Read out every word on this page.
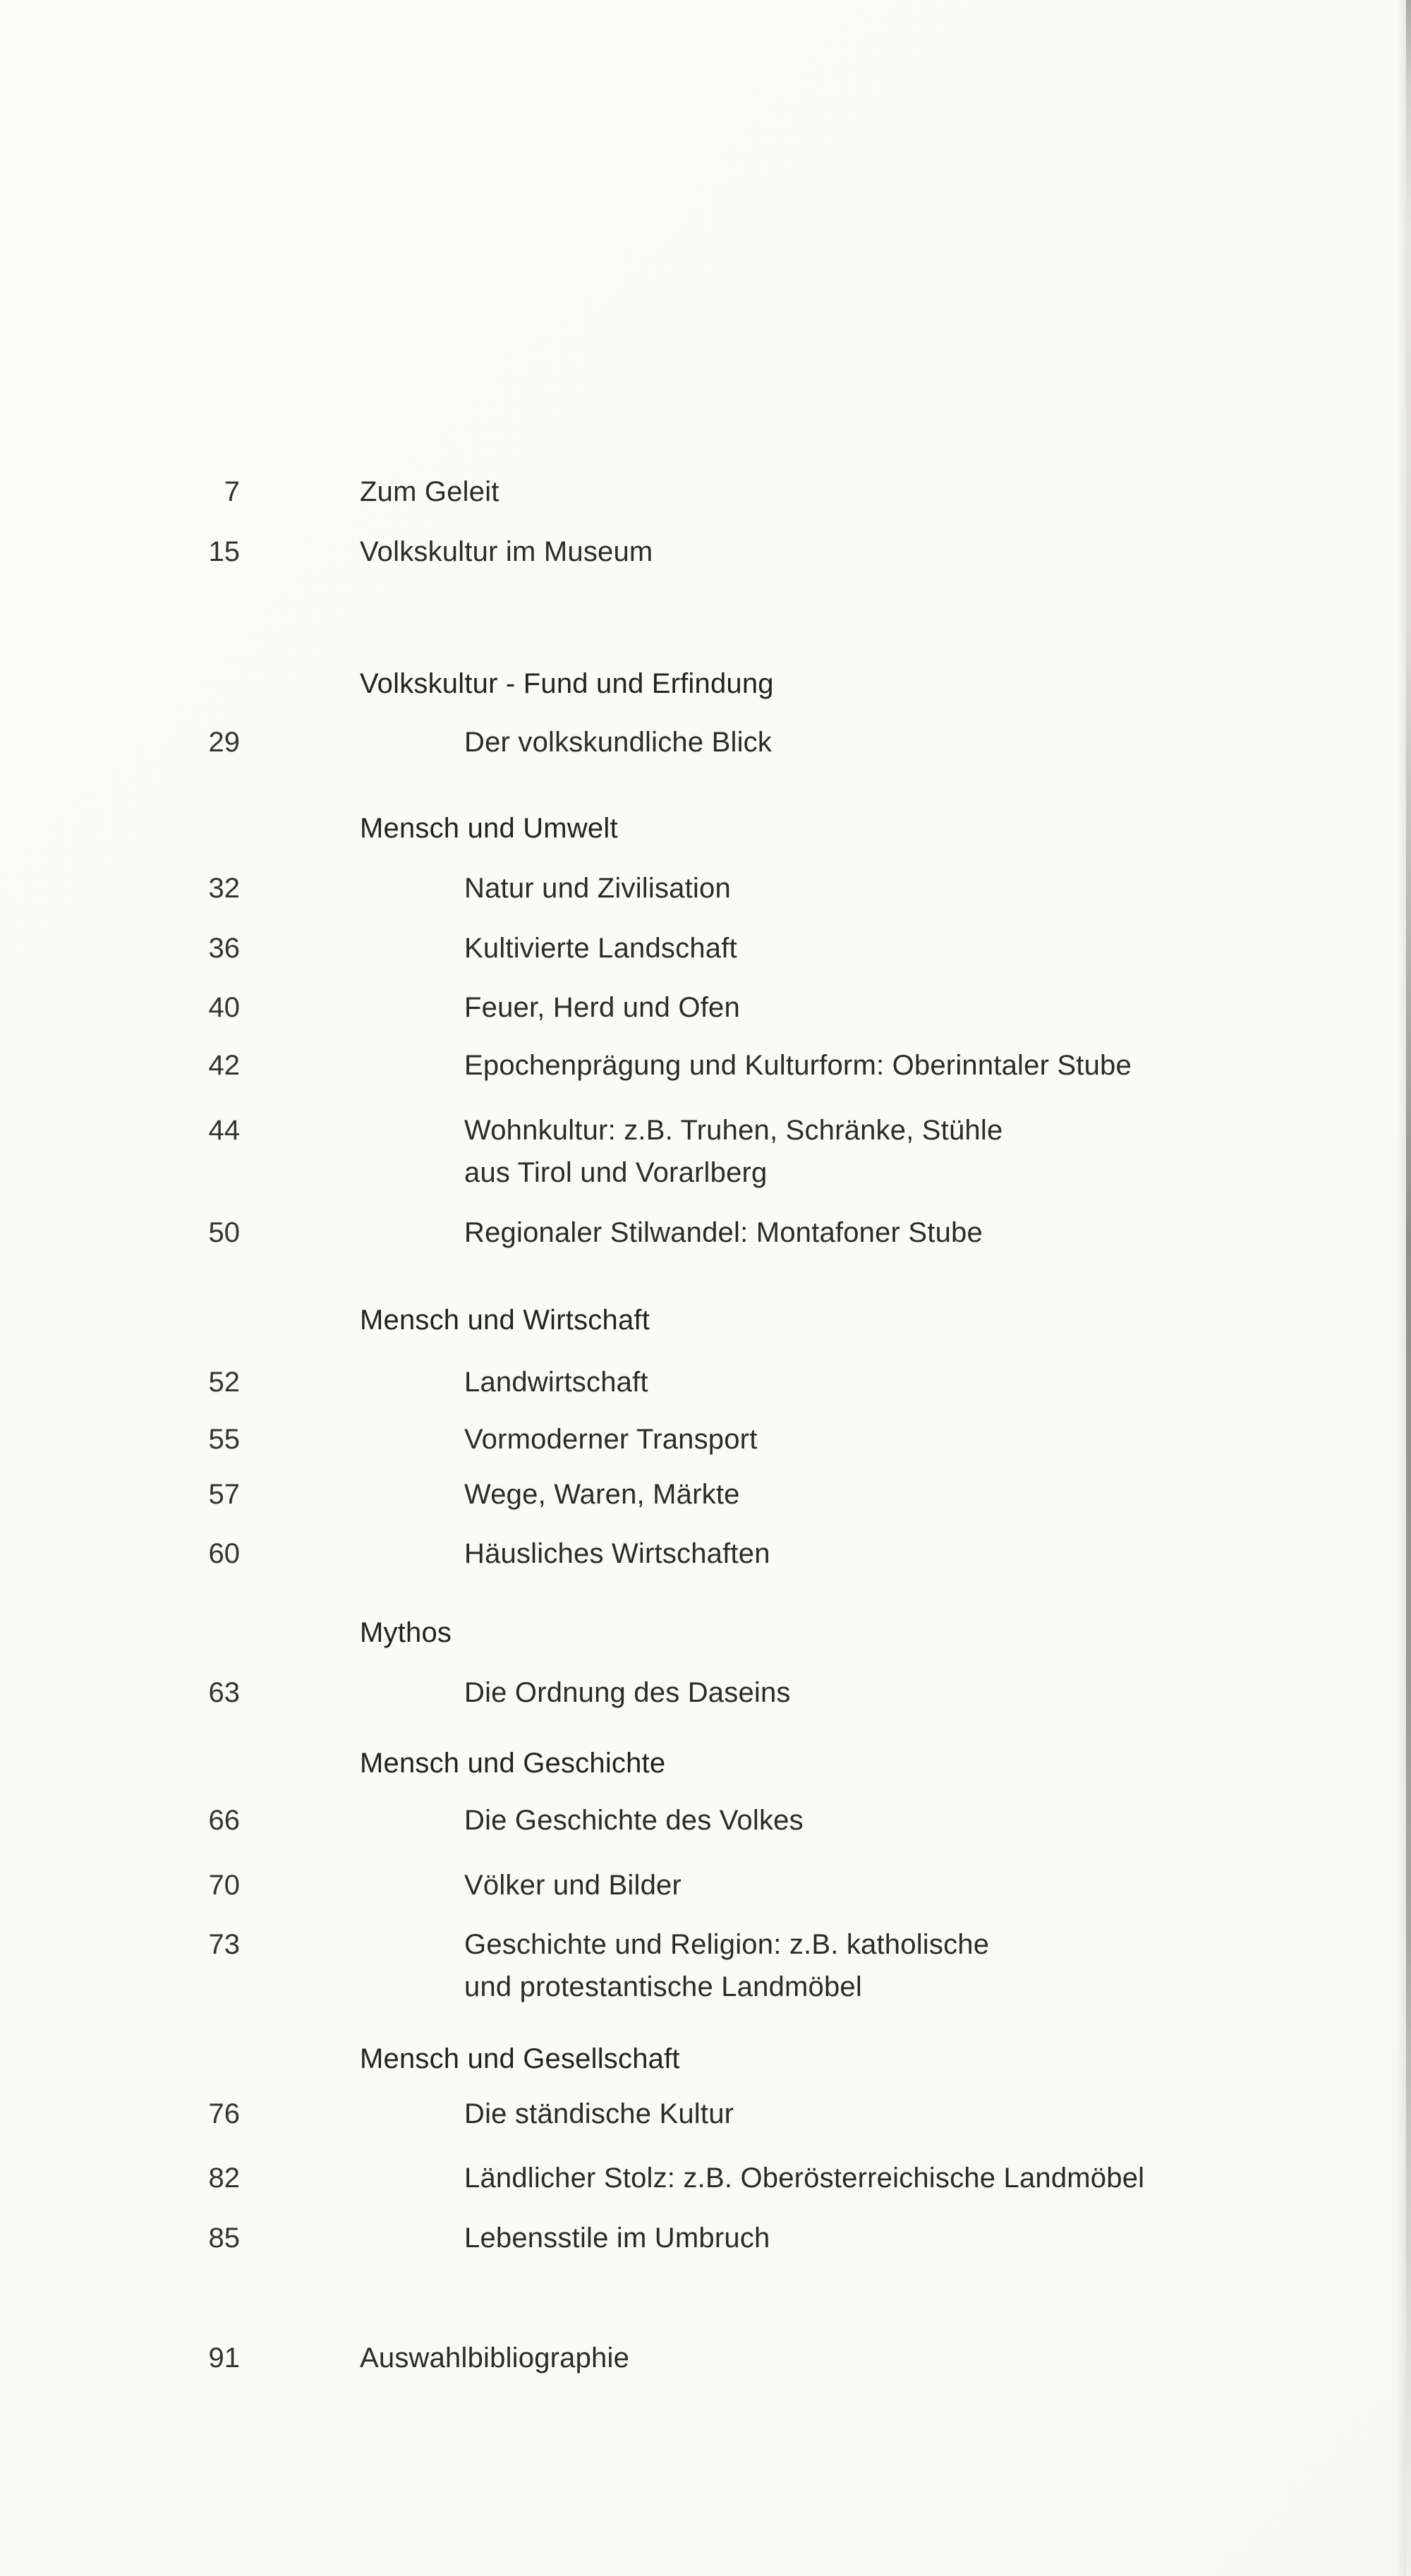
7	Zum Geleit
15	Volkskultur im Museum
Volkskultur - Fund und Erfindung
29	Der volkskundliche Blick
Mensch und Umwelt
32	Natur und Zivilisation
36	Kultivierte Landschaft
40	Feuer, Herd und Ofen
42	Epochenprägung und Kulturform: Oberinntaler Stube
44	Wohnkultur: z.B. Truhen, Schränke, Stühle
aus Tirol und Vorarlberg
50	Regionaler Stilwandel: Montafoner Stube
Mensch und Wirtschaft
52	Landwirtschaft
55	Vormoderner Transport
57	Wege, Waren, Märkte
60	Häusliches Wirtschaften
Mythos
63	Die Ordnung des Daseins
Mensch und Geschichte
66	Die Geschichte des Volkes
70	Völker und Bilder
73	Geschichte und Religion: z.B. katholische
und protestantische Landmöbel
Mensch und Gesellschaft
76	Die ständische Kultur
82	Ländlicher Stolz: z.B. Oberösterreichische Landmöbel
85	Lebensstile im Umbruch
91	Auswahlbibliographie
